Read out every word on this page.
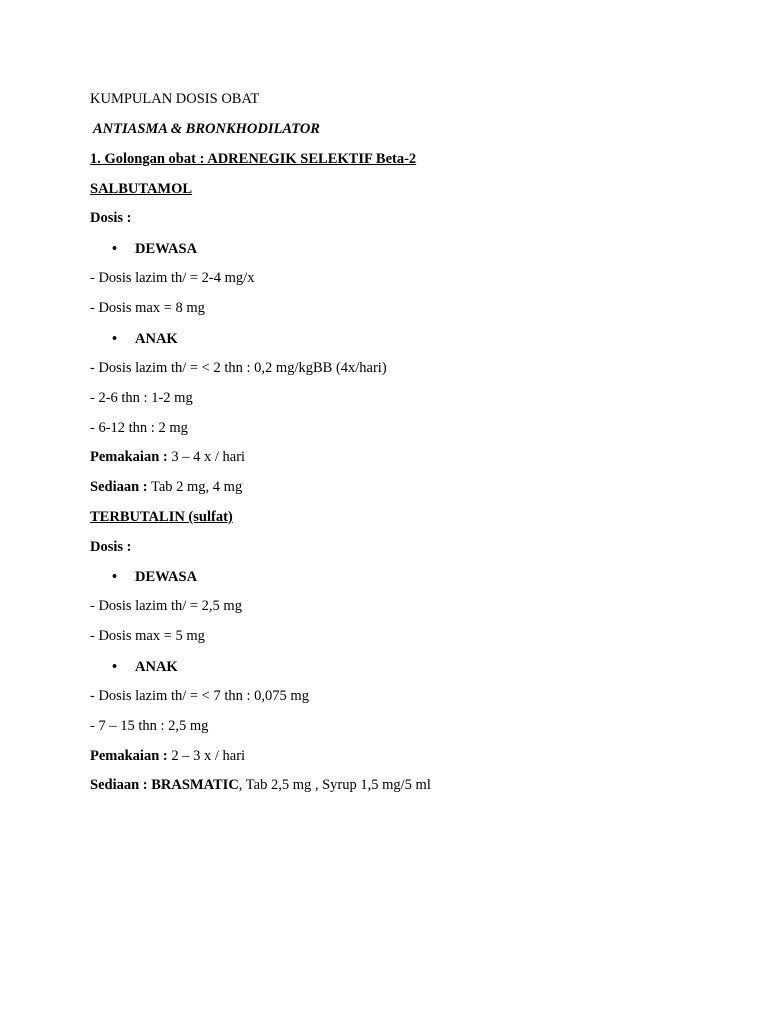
KUMPULAN DOSIS OBAT
ANTIASMA & BRONKHODILATOR
1. Golongan obat : ADRENEGIK SELEKTIF Beta-2
SALBUTAMOL
Dosis :
• DEWASA
- Dosis lazim th/ = 2-4 mg/x
- Dosis max = 8 mg
• ANAK
- Dosis lazim th/ = < 2 thn : 0,2 mg/kgBB (4x/hari)
- 2-6 thn : 1-2 mg
- 6-12 thn : 2 mg
Pemakaian : 3 – 4 x / hari
Sediaan : Tab 2 mg, 4 mg
TERBUTALIN (sulfat)
Dosis :
• DEWASA
- Dosis lazim th/ = 2,5 mg
- Dosis max = 5 mg
• ANAK
- Dosis lazim th/ = < 7 thn : 0,075 mg
- 7 – 15 thn : 2,5 mg
Pemakaian : 2 – 3 x / hari
Sediaan : BRASMATIC, Tab 2,5 mg , Syrup 1,5 mg/5 ml
